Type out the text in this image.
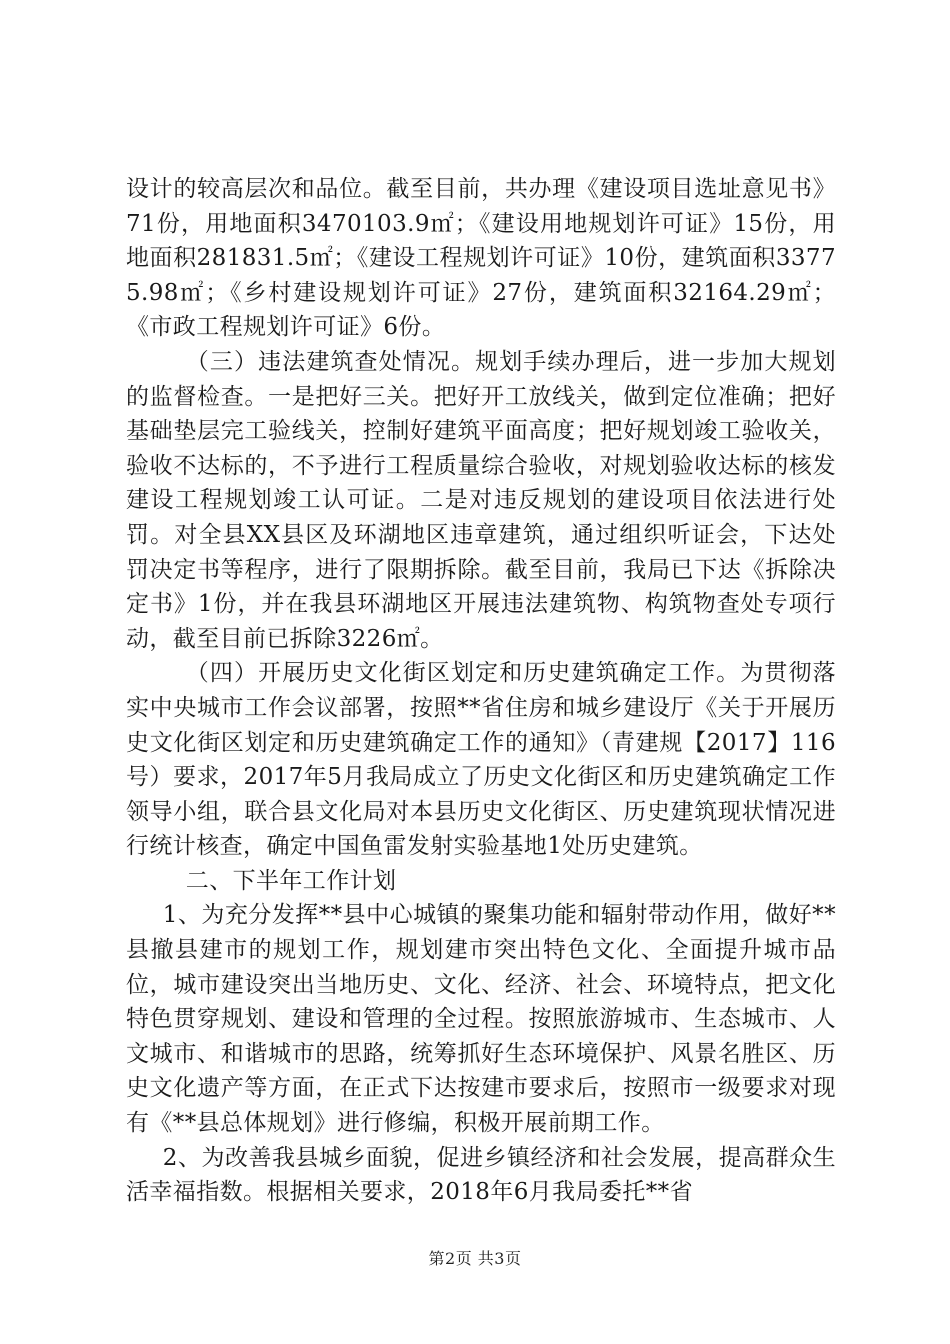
设计的较高层次和品位。截至目前，共办理《建设项目选址意见书》71份，用地面积3470103.9㎡；《建设用地规划许可证》15份，用地面积281831.5㎡；《建设工程规划许可证》10份，建筑面积33775.98㎡；《乡村建设规划许可证》27份，建筑面积32164.29㎡；《市政工程规划许可证》6份。

（三）违法建筑查处情况。规划手续办理后，进一步加大规划的监督检查。一是把好三关。把好开工放线关，做到定位准确；把好基础垫层完工验线关，控制好建筑平面高度；把好规划竣工验收关，验收不达标的，不予进行工程质量综合验收，对规划验收达标的核发建设工程规划竣工认可证。二是对违反规划的建设项目依法进行处罚。对全县XX县区及环湖地区违章建筑，通过组织听证会，下达处罚决定书等程序，进行了限期拆除。截至目前，我局已下达《拆除决定书》1份，并在我县环湖地区开展违法建筑物、构筑物查处专项行动，截至目前已拆除3226㎡。

（四）开展历史文化街区划定和历史建筑确定工作。为贯彻落实中央城市工作会议部署，按照**省住房和城乡建设厅《关于开展历史文化街区划定和历史建筑确定工作的通知》（青建规【2017】116号）要求，2017年5月我局成立了历史文化街区和历史建筑确定工作领导小组，联合县文化局对本县历史文化街区、历史建筑现状情况进行统计核查，确定中国鱼雷发射实验基地1处历史建筑。

二、下半年工作计划

1、为充分发挥**县中心城镇的聚集功能和辐射带动作用，做好**县撤县建市的规划工作，规划建市突出特色文化、全面提升城市品位，城市建设突出当地历史、文化、经济、社会、环境特点，把文化特色贯穿规划、建设和管理的全过程。按照旅游城市、生态城市、人文城市、和谐城市的思路，统筹抓好生态环境保护、风景名胜区、历史文化遗产等方面，在正式下达按建市要求后，按照市一级要求对现有《**县总体规划》进行修编，积极开展前期工作。

2、为改善我县城乡面貌，促进乡镇经济和社会发展，提高群众生活幸福指数。根据相关要求，2018年6月我局委托**省

第2页 共3页
